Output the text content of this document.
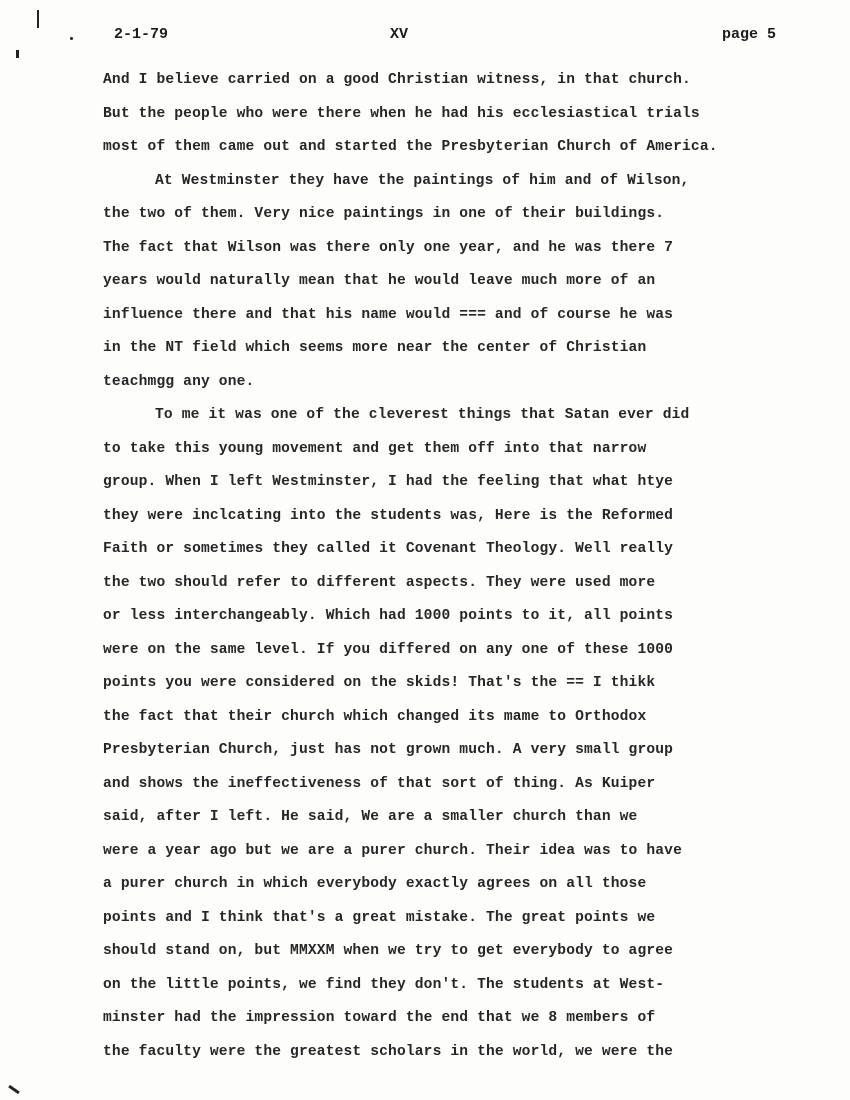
2-1-79	XV	page 5
And I believe carried on a good Christian witness, in that church.
But the people who were there when he had his ecclesiastical trials
most of them came out and started the Presbyterian Church of America.
At Westminster they have the paintings of him and of Wilson,
the two of them. Very nice paintings in one of their buildings.
The fact that Wilson was there only one year, and he was there 7
years would naturally mean that he would leave much more of an
influence there and that his name would === and of course he was
in the NT field which seems more near the center of Christian
teachmgg any one.
To me it was one of the cleverest things that Satan ever did
to take this young movement and get them off into that narrow
group. When I left Westminster, I had the feeling that what htye
they were inclcating into the students was, Here is the Reformed
Faith or sometimes they called it Covenant Theology. Well really
the two should refer to different aspects. They were used more
or less interchangeably. Which had 1000 points to it, all points
were on the same level. If you differed on any one of these 1000
points you were considered on the skids! That's the == I thikk
the fact that their church which changed its mame to Orthodox
Presbyterian Church, just has not grown much. A very small group
and shows the ineffectiveness of that sort of thing. As Kuiper
said, after I left. He said, We are a smaller church than we
were a year ago but we are a purer church. Their idea was to have
a purer church in which everybody exactly agrees on all those
points and I think that's a great mistake. The great points we
should stand on, but MMXXM when we try to get everybody to agree
on the little points, we find they don't. The students at West-
minster had the impression toward the end that we 8 members of
the faculty were the greatest scholars in the world, we were the
